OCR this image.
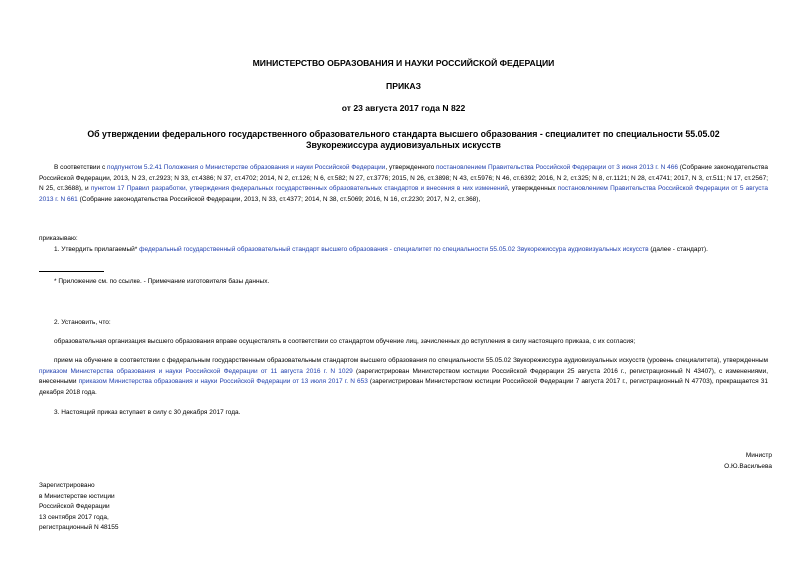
МИНИСТЕРСТВО ОБРАЗОВАНИЯ И НАУКИ РОССИЙСКОЙ ФЕДЕРАЦИИ
ПРИКАЗ
от 23 августа 2017 года N 822
Об утверждении федерального государственного образовательного стандарта высшего образования - специалитет по специальности 55.05.02 Звукорежиссура аудиовизуальных искусств
В соответствии с подпунктом 5.2.41 Положения о Министерстве образования и науки Российской Федерации, утвержденного постановлением Правительства Российской Федерации от 3 июня 2013 г. N 466 (Собрание законодательства Российской Федерации, 2013, N 23, ст.2923; N 33, ст.4386; N 37, ст.4702; 2014, N 2, ст.126; N 6, ст.582; N 27, ст.3776; 2015, N 26, ст.3898; N 43, ст.5976; N 46, ст.6392; 2016, N 2, ст.325; N 8, ст.1121; N 28, ст.4741; 2017, N 3, ст.511; N 17, ст.2567; N 25, ст.3688), и пунктом 17 Правил разработки, утверждения федеральных государственных образовательных стандартов и внесения в них изменений, утвержденных постановлением Правительства Российской Федерации от 5 августа 2013 г. N 661 (Собрание законодательства Российской Федерации, 2013, N 33, ст.4377; 2014, N 38, ст.5069; 2016, N 16, ст.2230; 2017, N 2, ст.368),
приказываю:
1. Утвердить прилагаемый* федеральный государственный образовательный стандарт высшего образования - специалитет по специальности 55.05.02 Звукорежиссура аудиовизуальных искусств (далее - стандарт).
* Приложение см. по ссылке. - Примечание изготовителя базы данных.
2. Установить, что:
образовательная организация высшего образования вправе осуществлять в соответствии со стандартом обучение лиц, зачисленных до вступления в силу настоящего приказа, с их согласия;
прием на обучение в соответствии с федеральным государственным образовательным стандартом высшего образования по специальности 55.05.02 Звукорежиссура аудиовизуальных искусств (уровень специалитета), утвержденным приказом Министерства образования и науки Российской Федерации от 11 августа 2016 г. N 1029 (зарегистрирован Министерством юстиции Российской Федерации 25 августа 2016 г., регистрационный N 43407), с изменениями, внесенными приказом Министерства образования и науки Российской Федерации от 13 июля 2017 г. N 653 (зарегистрирован Министерством юстиции Российской Федерации 7 августа 2017 г., регистрационный N 47703), прекращается 31 декабря 2018 года.
3. Настоящий приказ вступает в силу с 30 декабря 2017 года.
Министр
О.Ю.Васильева
Зарегистрировано
в Министерстве юстиции
Российской Федерации
13 сентября 2017 года,
регистрационный N 48155
